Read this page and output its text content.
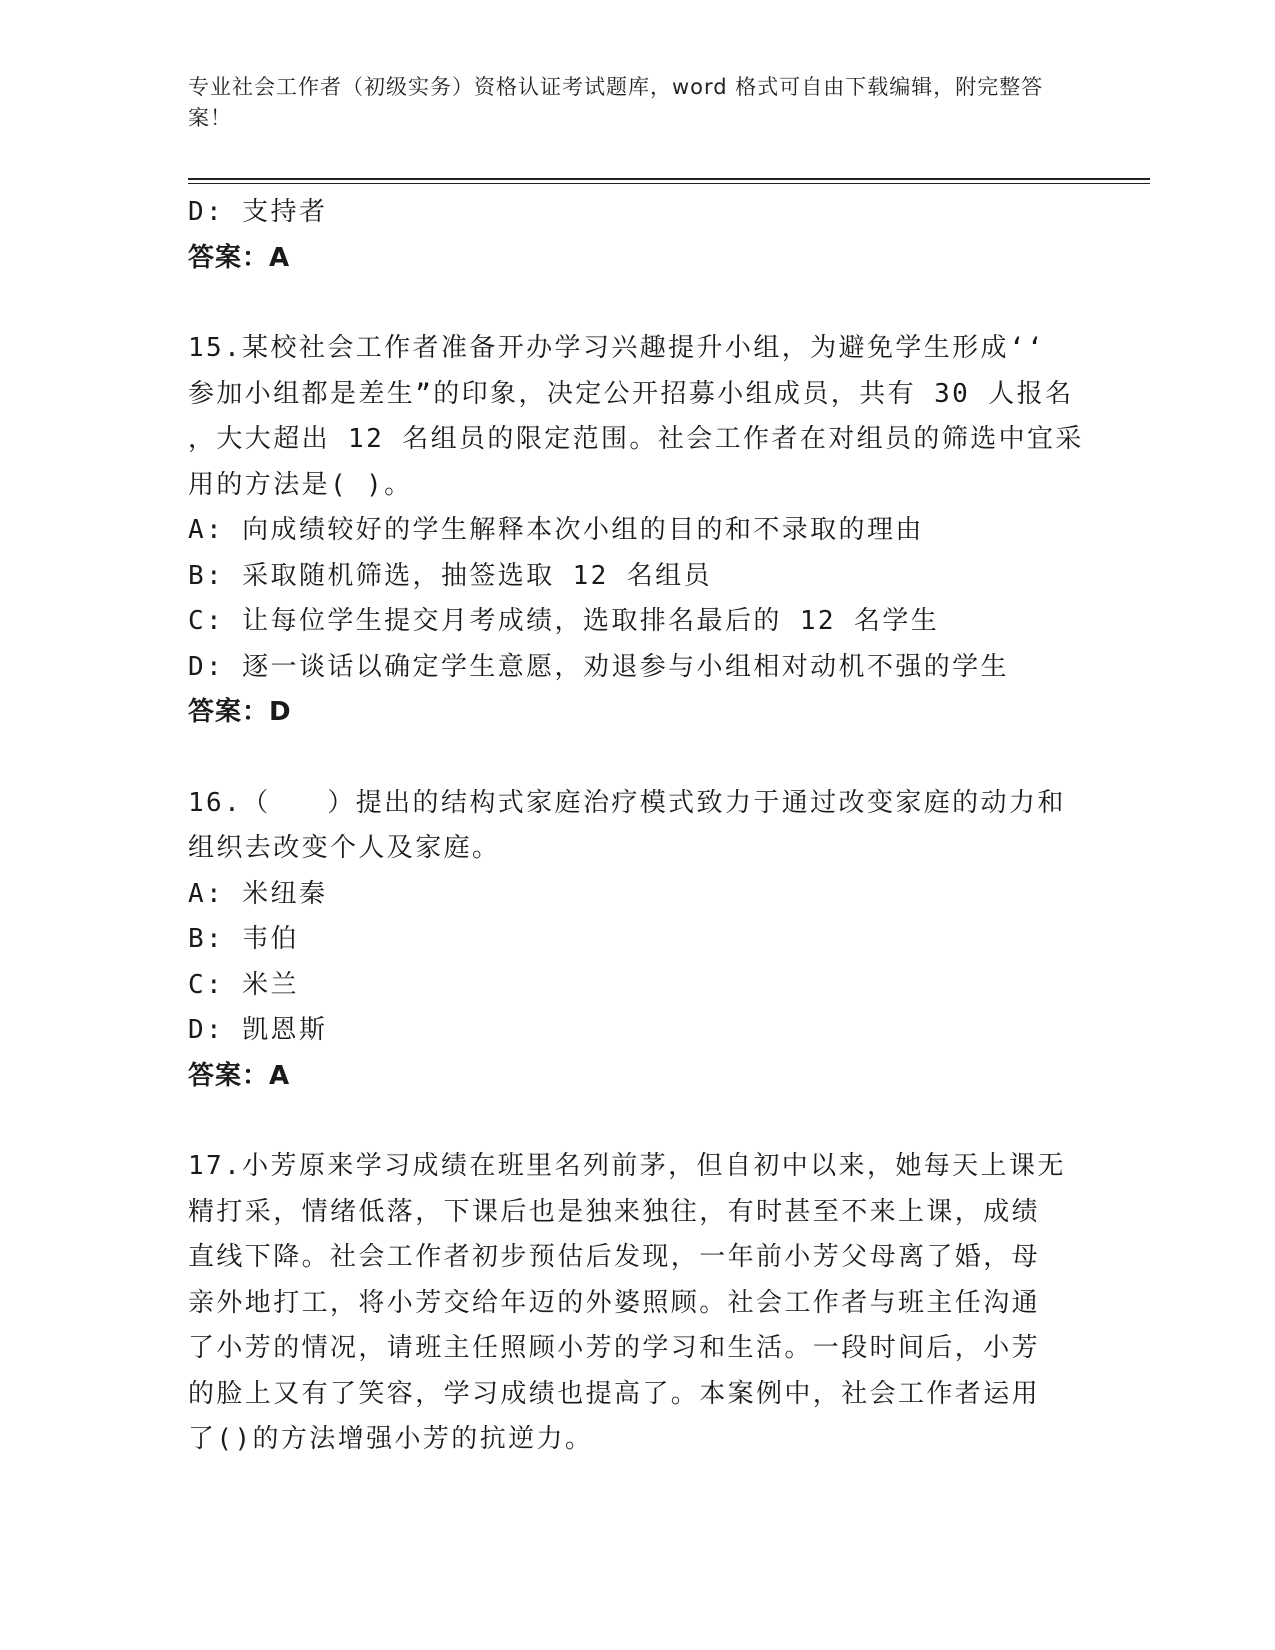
专业社会工作者（初级实务）资格认证考试题库，word 格式可自由下载编辑，附完整答案！
D: 支持者
答案：A
15.某校社会工作者准备开办学习兴趣提升小组，为避免学生形成‘‘
参加小组都是差生”的印象，决定公开招募小组成员，共有 30 人报名
，大大超出 12 名组员的限定范围。社会工作者在对组员的筛选中宜采
用的方法是( )。
A: 向成绩较好的学生解释本次小组的目的和不录取的理由
B: 采取随机筛选，抽签选取 12 名组员
C: 让每位学生提交月考成绩，选取排名最后的 12 名学生
D: 逐一谈话以确定学生意愿，劝退参与小组相对动机不强的学生
答案：D
16.（　　）提出的结构式家庭治疗模式致力于通过改变家庭的动力和
组织去改变个人及家庭。
A: 米纽秦
B: 韦伯
C: 米兰
D: 凯恩斯
答案：A
17.小芳原来学习成绩在班里名列前茅，但自初中以来，她每天上课无
精打采，情绪低落，下课后也是独来独往，有时甚至不来上课，成绩
直线下降。社会工作者初步预估后发现，一年前小芳父母离了婚，母
亲外地打工，将小芳交给年迈的外婆照顾。社会工作者与班主任沟通
了小芳的情况，请班主任照顾小芳的学习和生活。一段时间后，小芳
的脸上又有了笑容，学习成绩也提高了。本案例中，社会工作者运用
了()的方法增强小芳的抗逆力。
